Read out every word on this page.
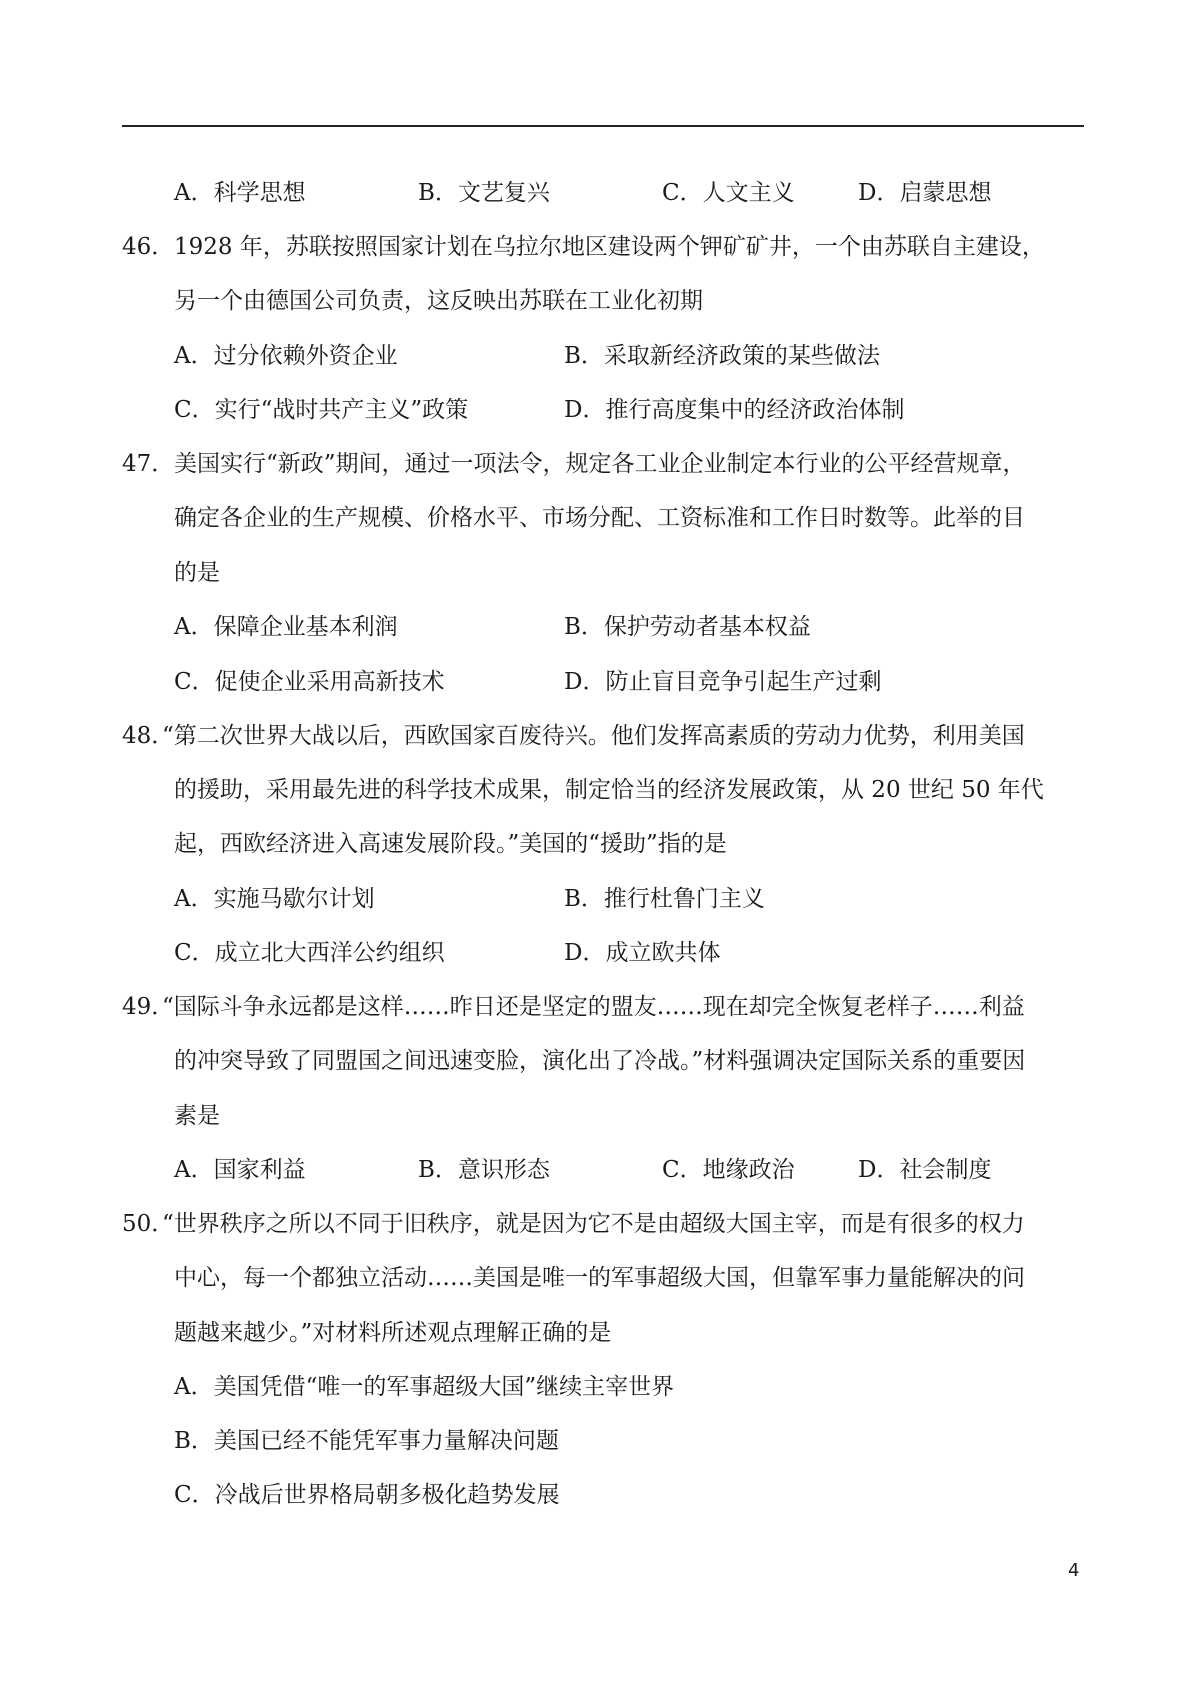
A．科学思想	B．文艺复兴	C．人文主义	D．启蒙思想
46． 1928 年，苏联按照国家计划在乌拉尔地区建设两个钾矿矿井，一个由苏联自主建设，
另一个由德国公司负责，这反映出苏联在工业化初期
A．过分依赖外资企业	B．采取新经济政策的某些做法
C．实行“战时共产主义”政策	D．推行高度集中的经济政治体制
47． 美国实行“新政”期间，通过一项法令，规定各工业企业制定本行业的公平经营规章，
确定各企业的生产规模、价格水平、市场分配、工资标准和工作日时数等。此举的目
的是
A．保障企业基本利润	B．保护劳动者基本权益
C．促使企业采用高新技术	D．防止盲目竞争引起生产过剩
48．
“第二次世界大战以后，西欧国家百废待兴。他们发挥高素质的劳动力优势，利用美国
的援助，采用最先进的科学技术成果，制定恰当的经济发展政策，从 20 世纪 50 年代
起，西欧经济进入高速发展阶段。”美国的“援助”指的是
A．实施马歇尔计划	B．推行杜鲁门主义
C．成立北大西洋公约组织	D．成立欧共体
49．
“国际斗争永远都是这样……昨日还是坚定的盟友……现在却完全恢复老样子……利益
的冲突导致了同盟国之间迅速变脸，演化出了冷战。”材料强调决定国际关系的重要因
素是
A．国家利益	B．意识形态	C．地缘政治	D．社会制度
50．
“世界秩序之所以不同于旧秩序，就是因为它不是由超级大国主宰，而是有很多的权力
中心，每一个都独立活动……美国是唯一的军事超级大国，但靠军事力量能解决的问
题越来越少。”对材料所述观点理解正确的是
A．美国凭借“唯一的军事超级大国”继续主宰世界
B．美国已经不能凭军事力量解决问题
C．冷战后世界格局朝多极化趋势发展
4
